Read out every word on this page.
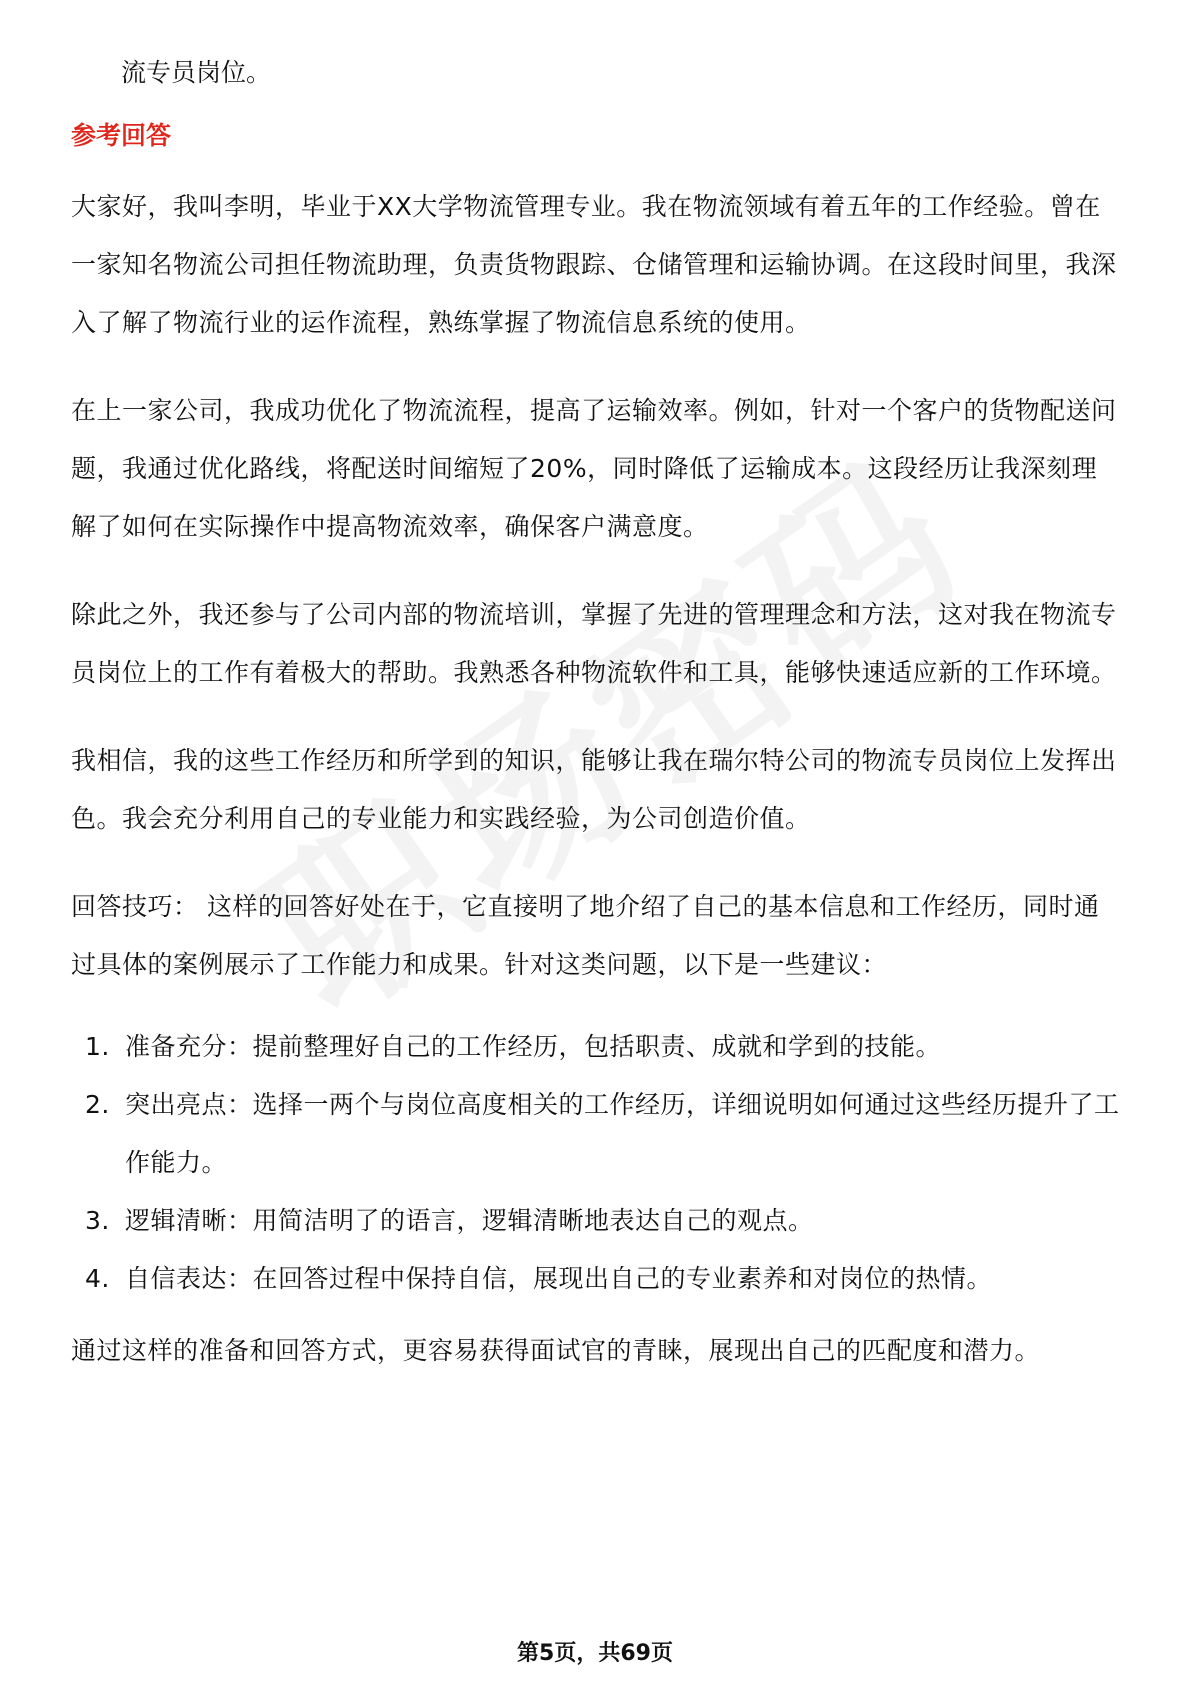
流专员岗位。

参考回答

大家好，我叫李明，毕业于XX大学物流管理专业。我在物流领域有着五年的工作经验。曾在一家知名物流公司担任物流助理，负责货物跟踪、仓储管理和运输协调。在这段时间里，我深入了解了物流行业的运作流程，熟练掌握了物流信息系统的使用。

在上一家公司，我成功优化了物流流程，提高了运输效率。例如，针对一个客户的货物配送问题，我通过优化路线，将配送时间缩短了20%，同时降低了运输成本。这段经历让我深刻理解了如何在实际操作中提高物流效率，确保客户满意度。

除此之外，我还参与了公司内部的物流培训，掌握了先进的管理理念和方法，这对我在物流专员岗位上的工作有着极大的帮助。我熟悉各种物流软件和工具，能够快速适应新的工作环境。

我相信，我的这些工作经历和所学到的知识，能够让我在瑞尔特公司的物流专员岗位上发挥出色。我会充分利用自己的专业能力和实践经验，为公司创造价值。

回答技巧： 这样的回答好处在于，它直接明了地介绍了自己的基本信息和工作经历，同时通过具体的案例展示了工作能力和成果。针对这类问题，以下是一些建议：

1. 准备充分：提前整理好自己的工作经历，包括职责、成就和学到的技能。
2. 突出亮点：选择一两个与岗位高度相关的工作经历，详细说明如何通过这些经历提升了工作能力。
3. 逻辑清晰：用简洁明了的语言，逻辑清晰地表达自己的观点。
4. 自信表达：在回答过程中保持自信，展现出自己的专业素养和对岗位的热情。

通过这样的准备和回答方式，更容易获得面试官的青睐，展现出自己的匹配度和潜力。

第5页，共69页
